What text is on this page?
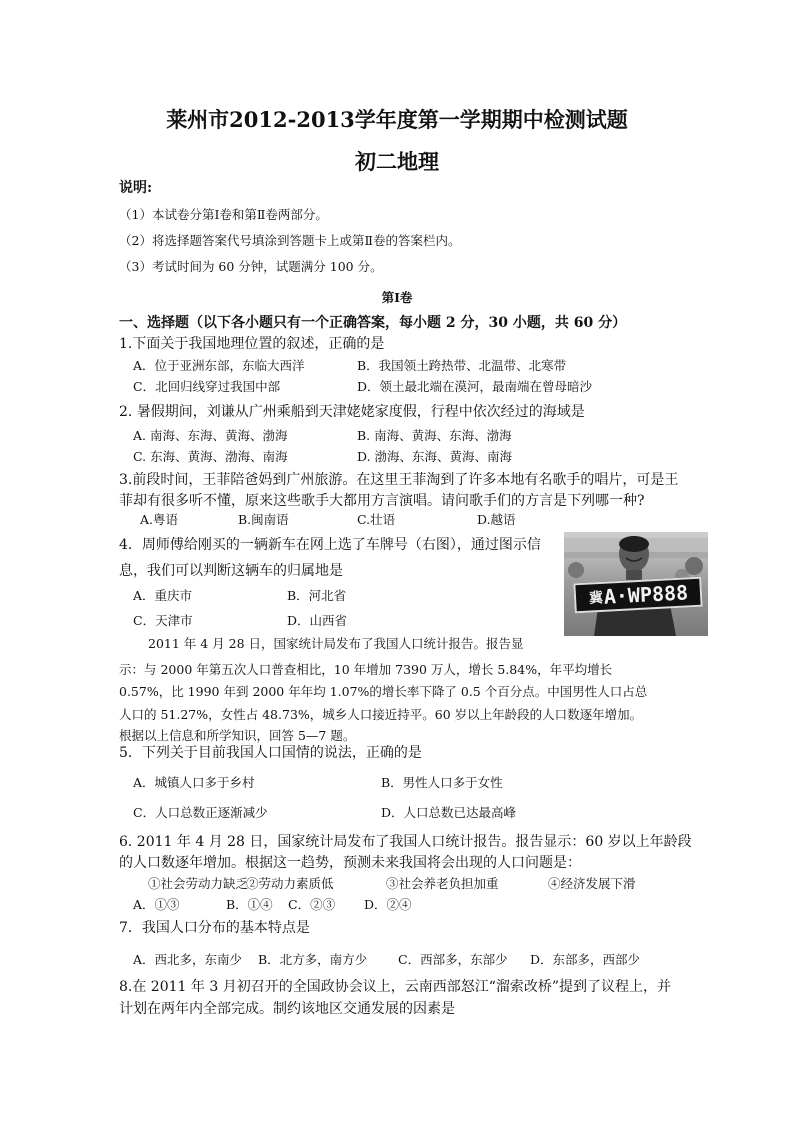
莱州市2012-2013学年度第一学期期中检测试题
初二地理
说明:
（1）本试卷分第Ⅰ卷和第Ⅱ卷两部分。
（2）将选择题答案代号填涂到答题卡上或第Ⅱ卷的答案栏内。
（3）考试时间为 60 分钟，试题满分 100 分。
第Ⅰ卷
一、选择题（以下各小题只有一个正确答案，每小题 2 分，30 小题，共 60 分）
1.下面关于我国地理位置的叙述，正确的是
A．位于亚洲东部，东临大西洋	B．我国领土跨热带、北温带、北寒带
C．北回归线穿过我国中部	D．领土最北端在漠河，最南端在曾母暗沙
2. 暑假期间，刘谦从广州乘船到天津姥姥家度假，行程中依次经过的海域是
A. 南海、东海、黄海、渤海	B. 南海、黄海、东海、渤海
C. 东海、黄海、渤海、南海	D. 渤海、东海、黄海、南海
3.前段时间，王菲陪爸妈到广州旅游。在这里王菲淘到了许多本地有名歌手的唱片，可是王
菲却有很多听不懂，原来这些歌手大都用方言演唱。请问歌手们的方言是下列哪一种?
A.粤语	B.闽南语	C.壮语	D.越语
4．周师傅给刚买的一辆新车在网上选了车牌号（右图），通过图示信
息，我们可以判断这辆车的归属地是
A．重庆市	B．河北省
C．天津市	D．山西省
冀 A·WP888
2011 年 4 月 28 日，国家统计局发布了我国人口统计报告。报告显
示：与 2000 年第五次人口普查相比，10 年增加 7390 万人，增长 5.84%，年平均增长
0.57%，比 1990 年到 2000 年年均 1.07%的增长率下降了 0.5 个百分点。中国男性人口占总
人口的 51.27%，女性占 48.73%，城乡人口接近持平。60 岁以上年龄段的人口数逐年增加。
根据以上信息和所学知识，回答 5—7 题。
5．下列关于目前我国人口国情的说法，正确的是
A．城镇人口多于乡村	B．男性人口多于女性
C．人口总数正逐渐减少	D．人口总数已达最高峰
6. 2011 年 4 月 28 日，国家统计局发布了我国人口统计报告。报告显示：60 岁以上年龄段
的人口数逐年增加。根据这一趋势，预测未来我国将会出现的人口问题是：
①社会劳动力缺乏
②劳动力素质低	③社会养老负担加重	④经济发展下滑
A．①③	B．①④ C．②③ D．②④
7．我国人口分布的基本特点是
A．西北多，东南少 B．北方多，南方少 C．西部多，东部少 D．东部多，西部少
8.在 2011 年 3 月初召开的全国政协会议上，云南西部怒江“溜索改桥”提到了议程上，并
计划在两年内全部完成。制约该地区交通发展的因素是
